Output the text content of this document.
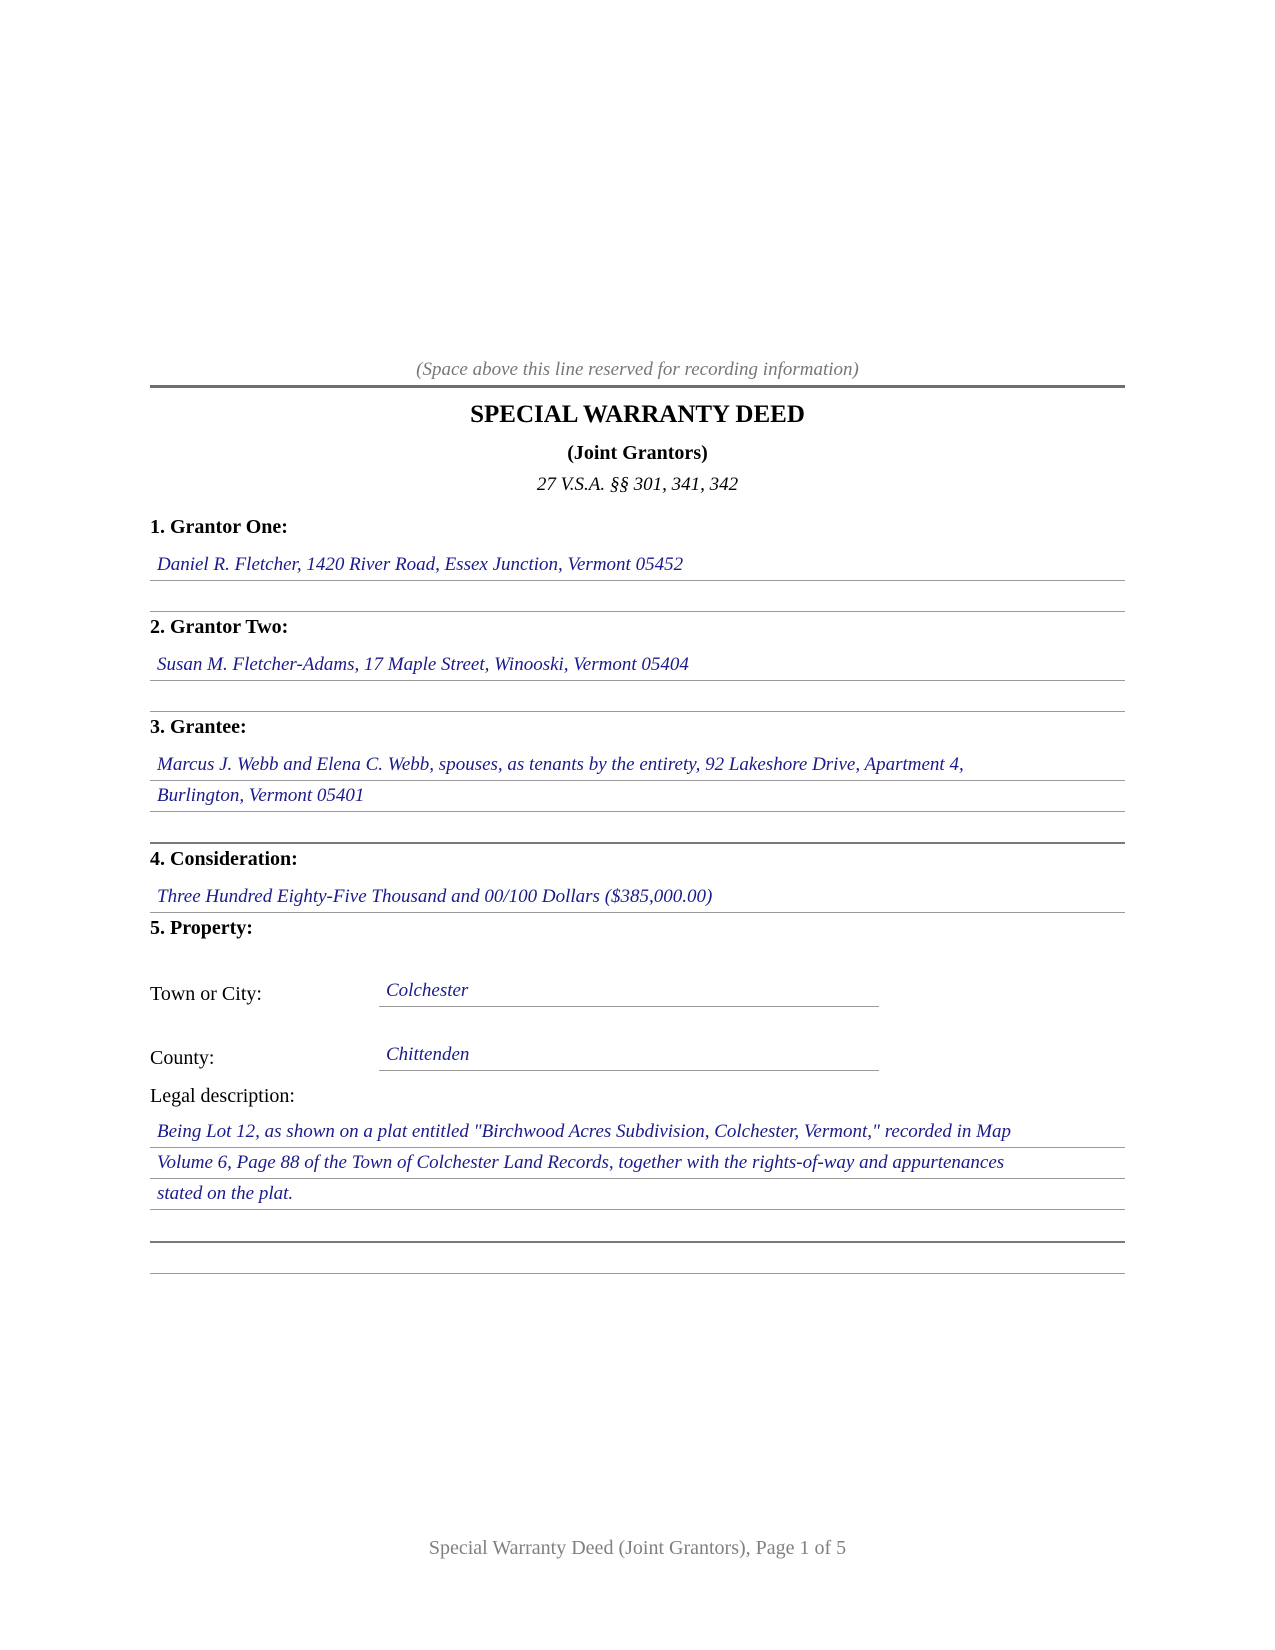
(Space above this line reserved for recording information)
SPECIAL WARRANTY DEED
(Joint Grantors)
27 V.S.A. §§ 301, 341, 342
1. Grantor One:
Daniel R. Fletcher, 1420 River Road, Essex Junction, Vermont 05452
2. Grantor Two:
Susan M. Fletcher-Adams, 17 Maple Street, Winooski, Vermont 05404
3. Grantee:
Marcus J. Webb and Elena C. Webb, spouses, as tenants by the entirety, 92 Lakeshore Drive, Apartment 4,
Burlington, Vermont 05401
4. Consideration:
Three Hundred Eighty-Five Thousand and 00/100 Dollars ($385,000.00)
5. Property:
Town or City:	Colchester
County:	Chittenden
Legal description:
Being Lot 12, as shown on a plat entitled "Birchwood Acres Subdivision, Colchester, Vermont," recorded in Map
Volume 6, Page 88 of the Town of Colchester Land Records, together with the rights-of-way and appurtenances
stated on the plat.
Special Warranty Deed (Joint Grantors), Page 1 of 5
